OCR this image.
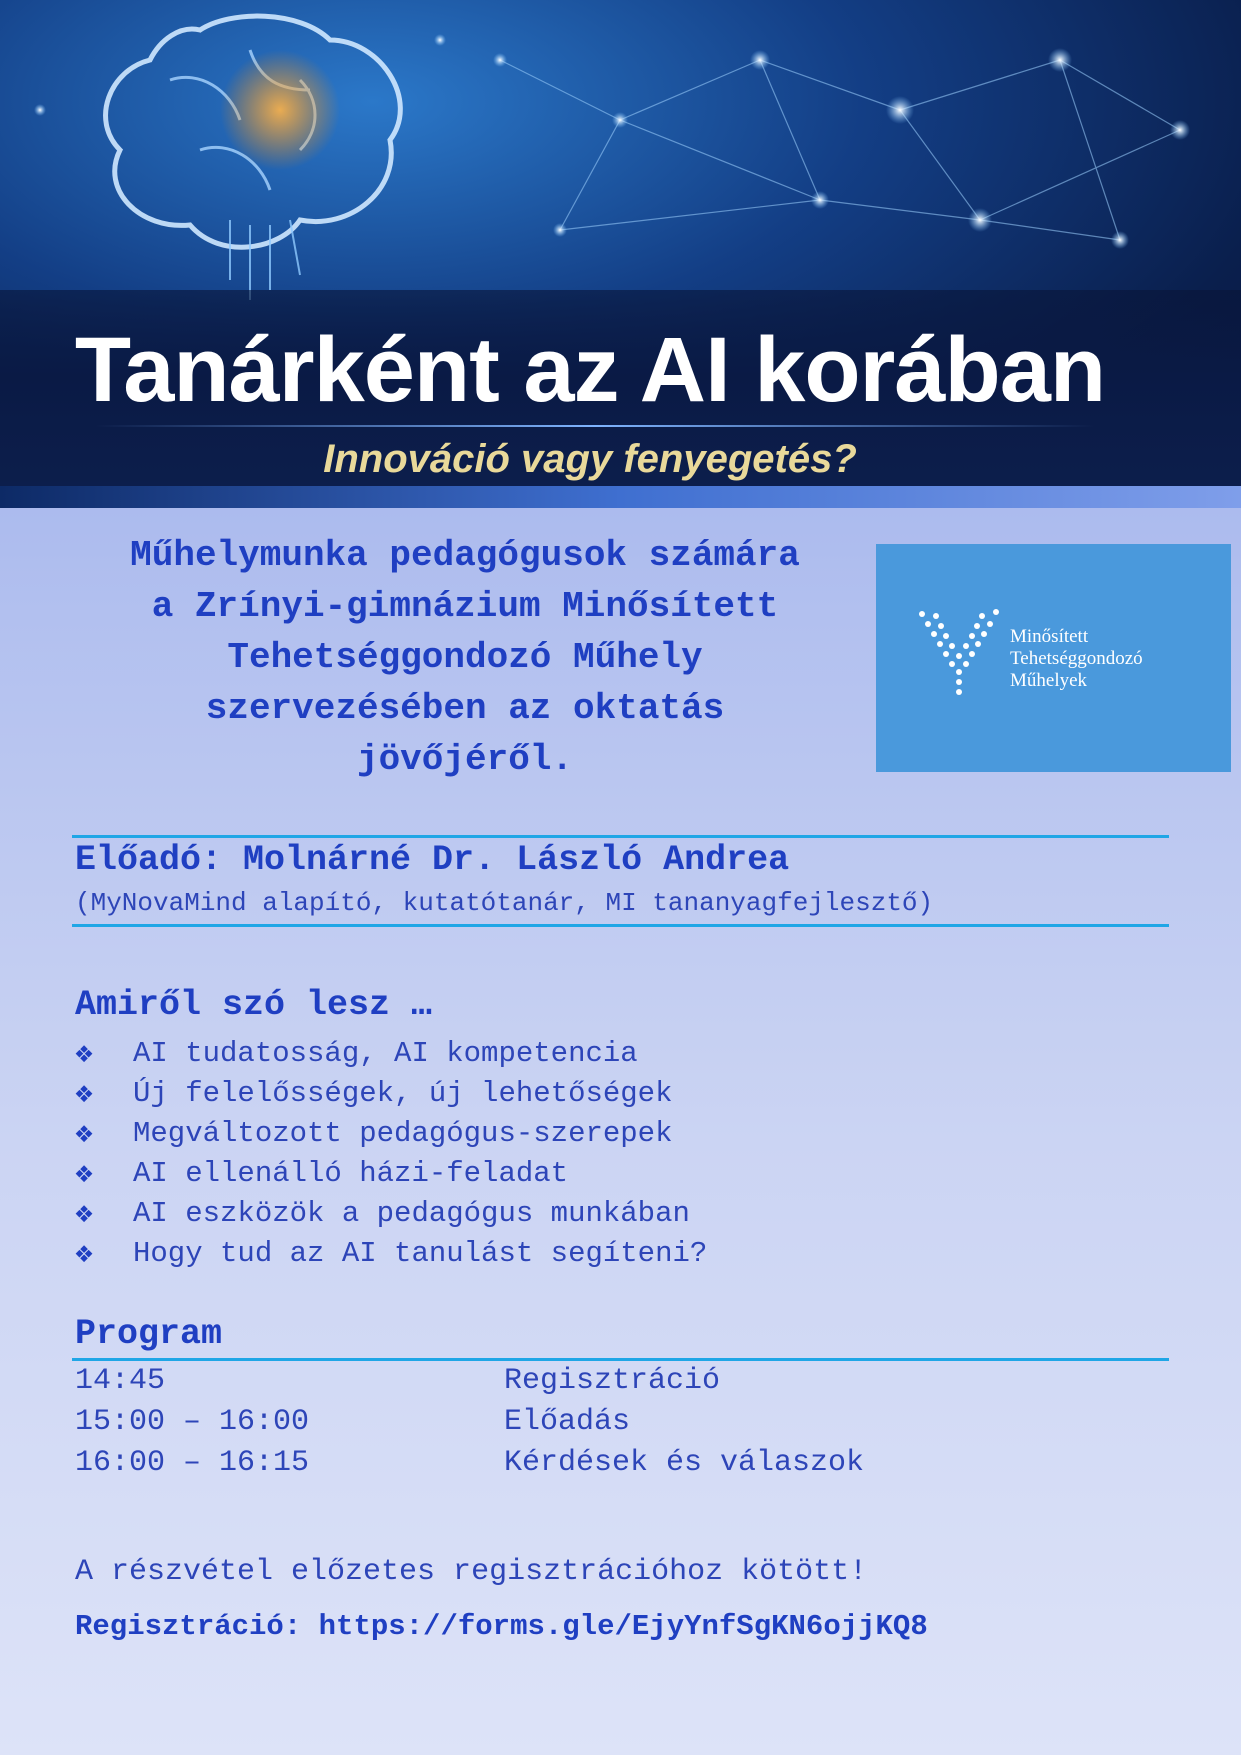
Tanárként az AI korában
Innováció vagy fenyegetés?
Műhelymunka pedagógusok számára
a Zrínyi-gimnázium Minősített
Tehetséggondozó Műhely
szervezésében az oktatás
jövőjéről.
Minősített
Tehetséggondozó
Műhelyek
Előadó: Molnárné Dr. László Andrea
(MyNovaMind alapító, kutatótanár, MI tananyagfejlesztő)
Amiről szó lesz …
❖	AI tudatosság, AI kompetencia
❖	Új felelősségek, új lehetőségek
❖	Megváltozott pedagógus-szerepek
❖	AI ellenálló házi-feladat
❖	AI eszközök a pedagógus munkában
❖	Hogy tud az AI tanulást segíteni?
Program
14:45	Regisztráció
15:00 – 16:00	Előadás
16:00 – 16:15	Kérdések és válaszok
A részvétel előzetes regisztrációhoz kötött!
Regisztráció: https://forms.gle/EjyYnfSgKN6ojjKQ8
